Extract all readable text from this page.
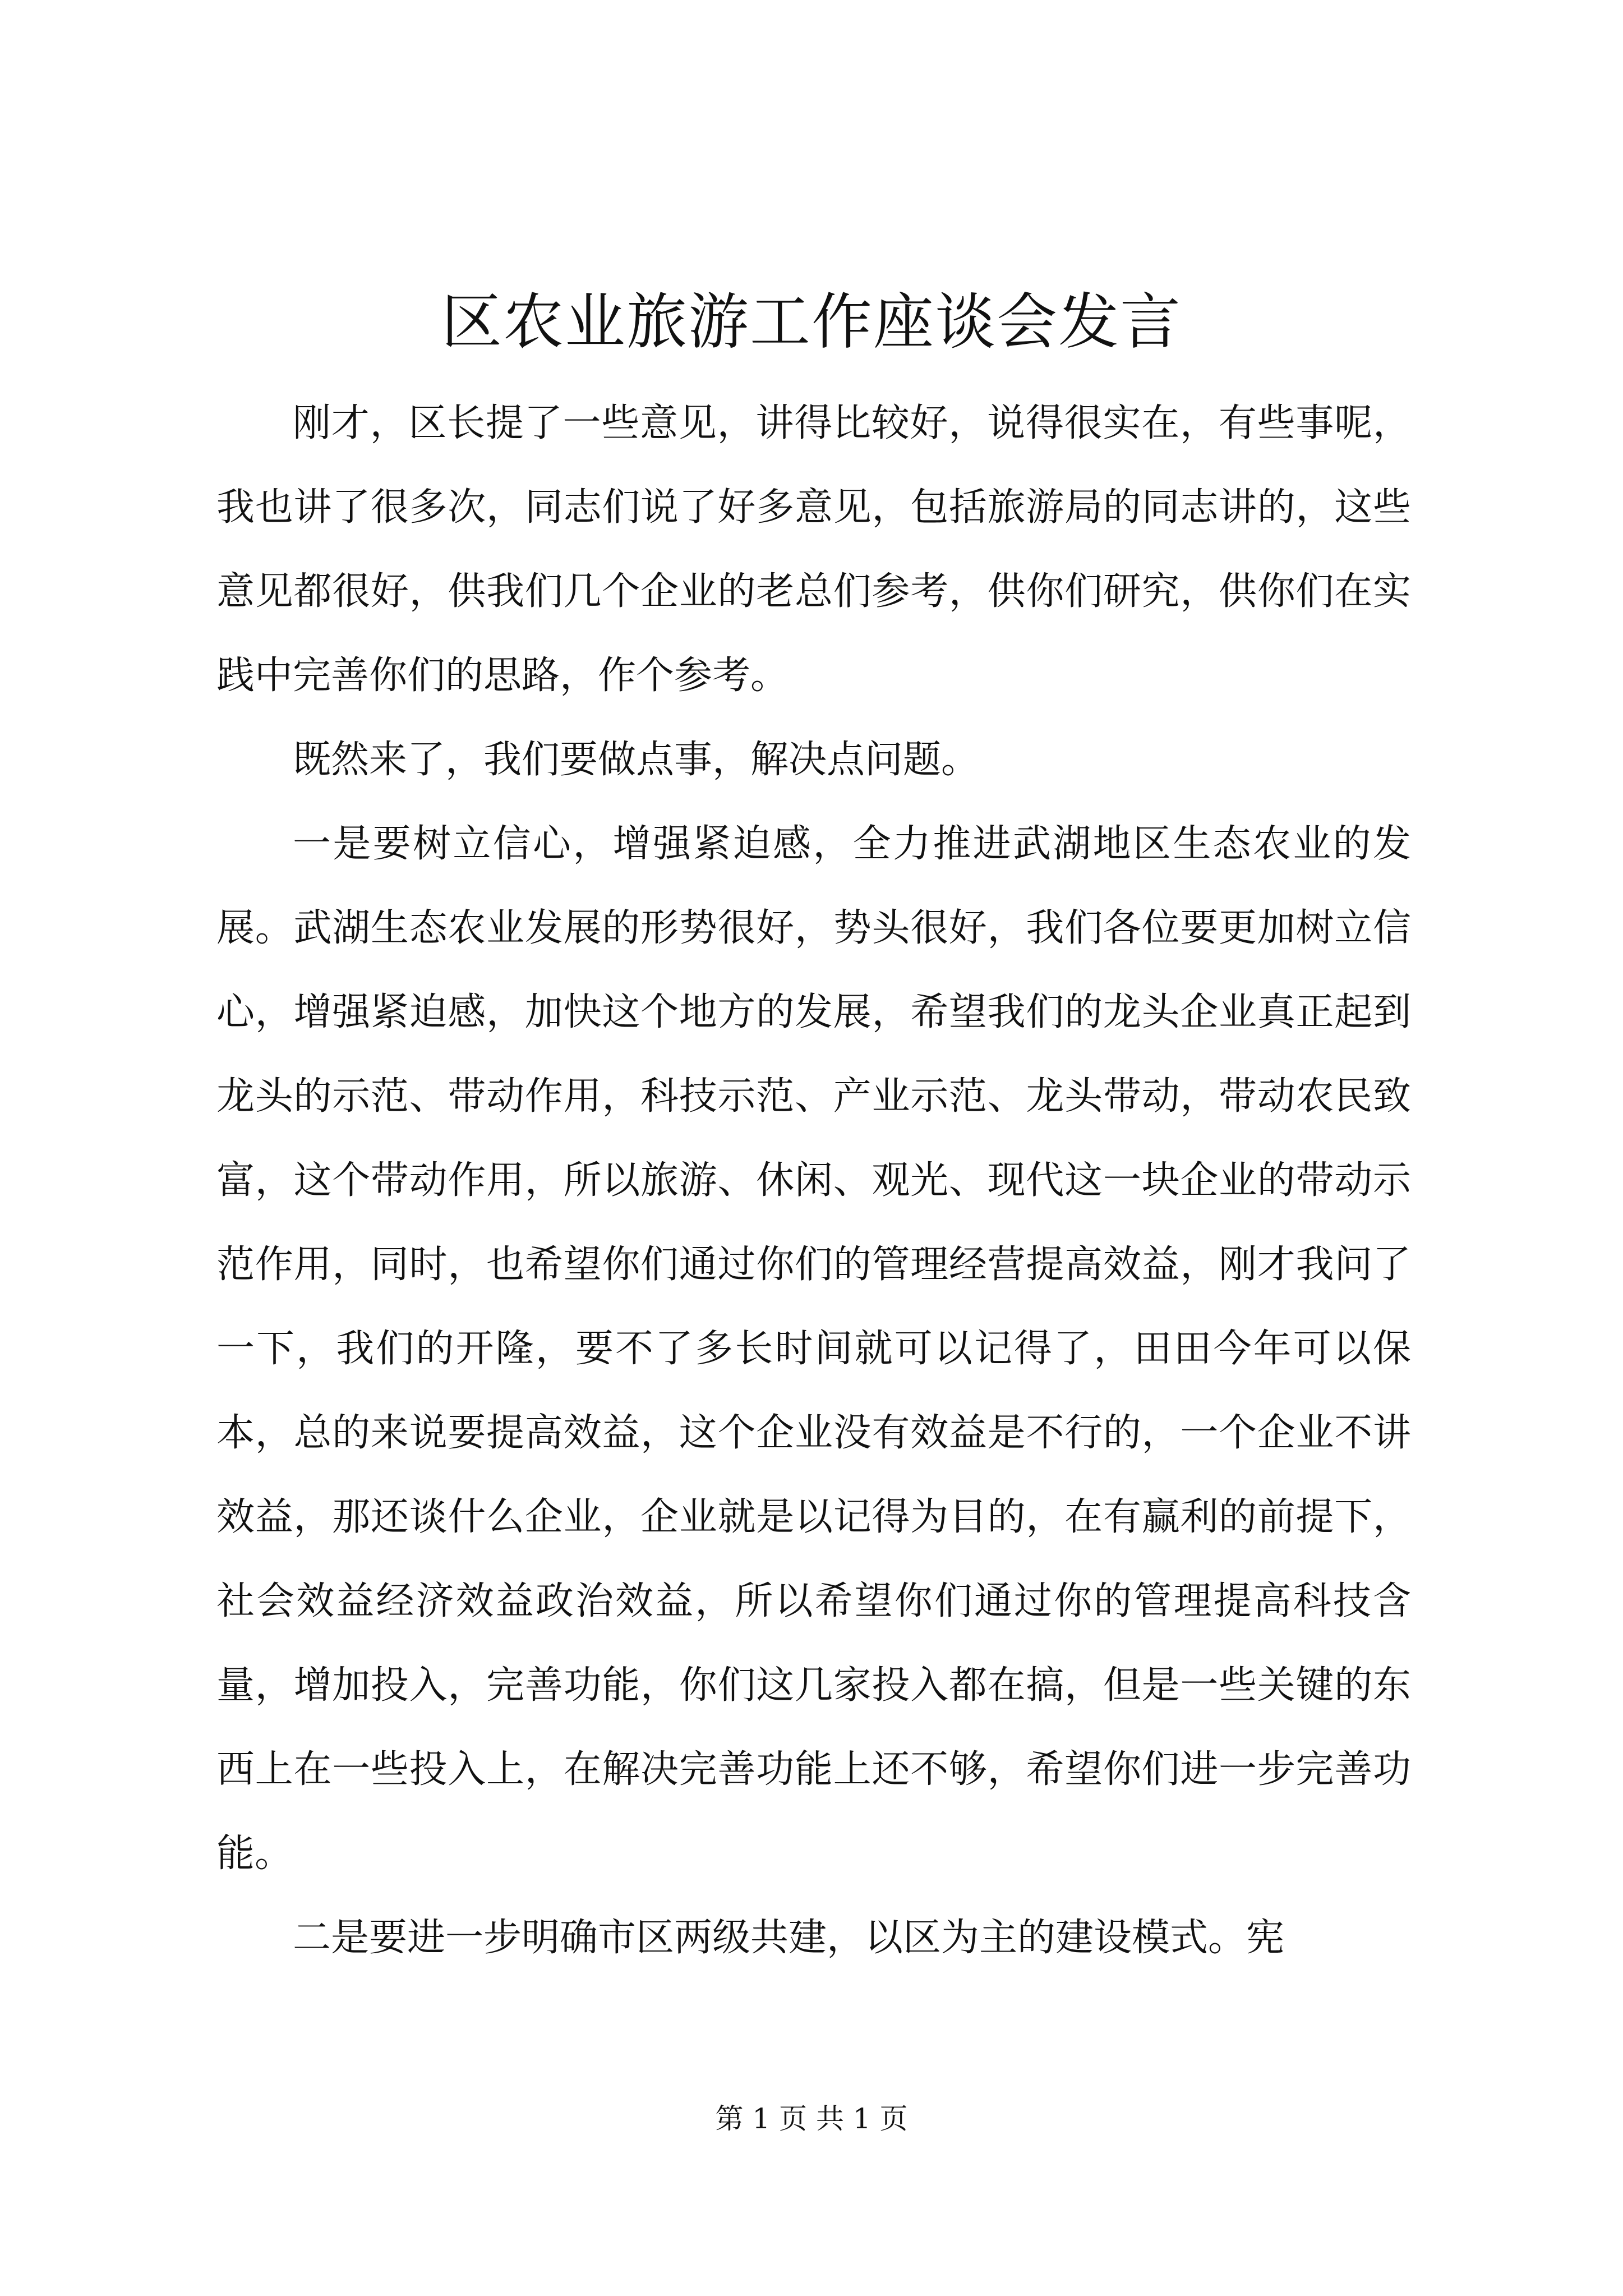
区农业旅游工作座谈会发言

刚才，区长提了一些意见，讲得比较好，说得很实在，有些事呢，我也讲了很多次，同志们说了好多意见，包括旅游局的同志讲的，这些意见都很好，供我们几个企业的老总们参考，供你们研究，供你们在实践中完善你们的思路，作个参考。

既然来了，我们要做点事，解决点问题。

一是要树立信心，增强紧迫感，全力推进武湖地区生态农业的发展。武湖生态农业发展的形势很好，势头很好，我们各位要更加树立信心，增强紧迫感，加快这个地方的发展，希望我们的龙头企业真正起到龙头的示范、带动作用，科技示范、产业示范、龙头带动，带动农民致富，这个带动作用，所以旅游、休闲、观光、现代这一块企业的带动示范作用，同时，也希望你们通过你们的管理经营提高效益，刚才我问了一下，我们的开隆，要不了多长时间就可以记得了，田田今年可以保本，总的来说要提高效益，这个企业没有效益是不行的，一个企业不讲效益，那还谈什么企业，企业就是以记得为目的，在有赢利的前提下，社会效益经济效益政治效益，所以希望你们通过你的管理提高科技含量，增加投入，完善功能，你们这几家投入都在搞，但是一些关键的东西上在一些投入上，在解决完善功能上还不够，希望你们进一步完善功能。

二是要进一步明确市区两级共建，以区为主的建设模式。宪

第 1 页 共 1 页
